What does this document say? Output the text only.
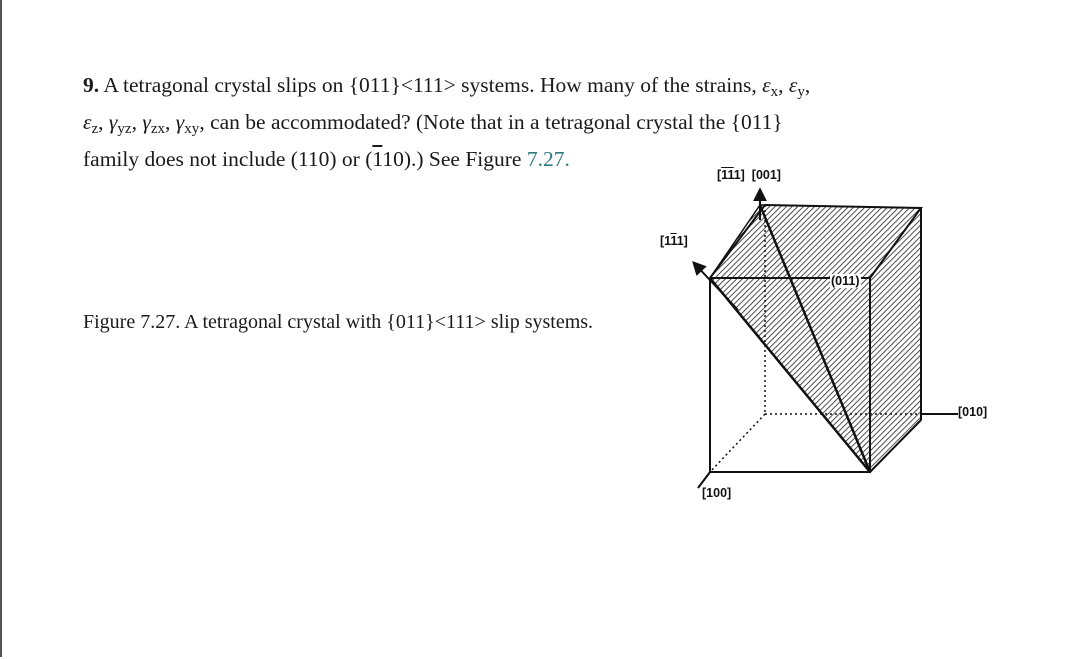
9. A tetragonal crystal slips on {011}<111> systems. How many of the strains, $\varepsilon_x$, $\varepsilon_y$,
$\varepsilon_z$, $\gamma_{yz}$, $\gamma_{zx}$, $\gamma_{xy}$, can be accommodated? (Note that in a tetragonal crystal the {011}
family does not include (110) or (110).) See Figure 7.27.
Figure 7.27. A tetragonal crystal with {011}<111> slip systems.
[111] [001]
[111]
(011)
[010]
[100]
